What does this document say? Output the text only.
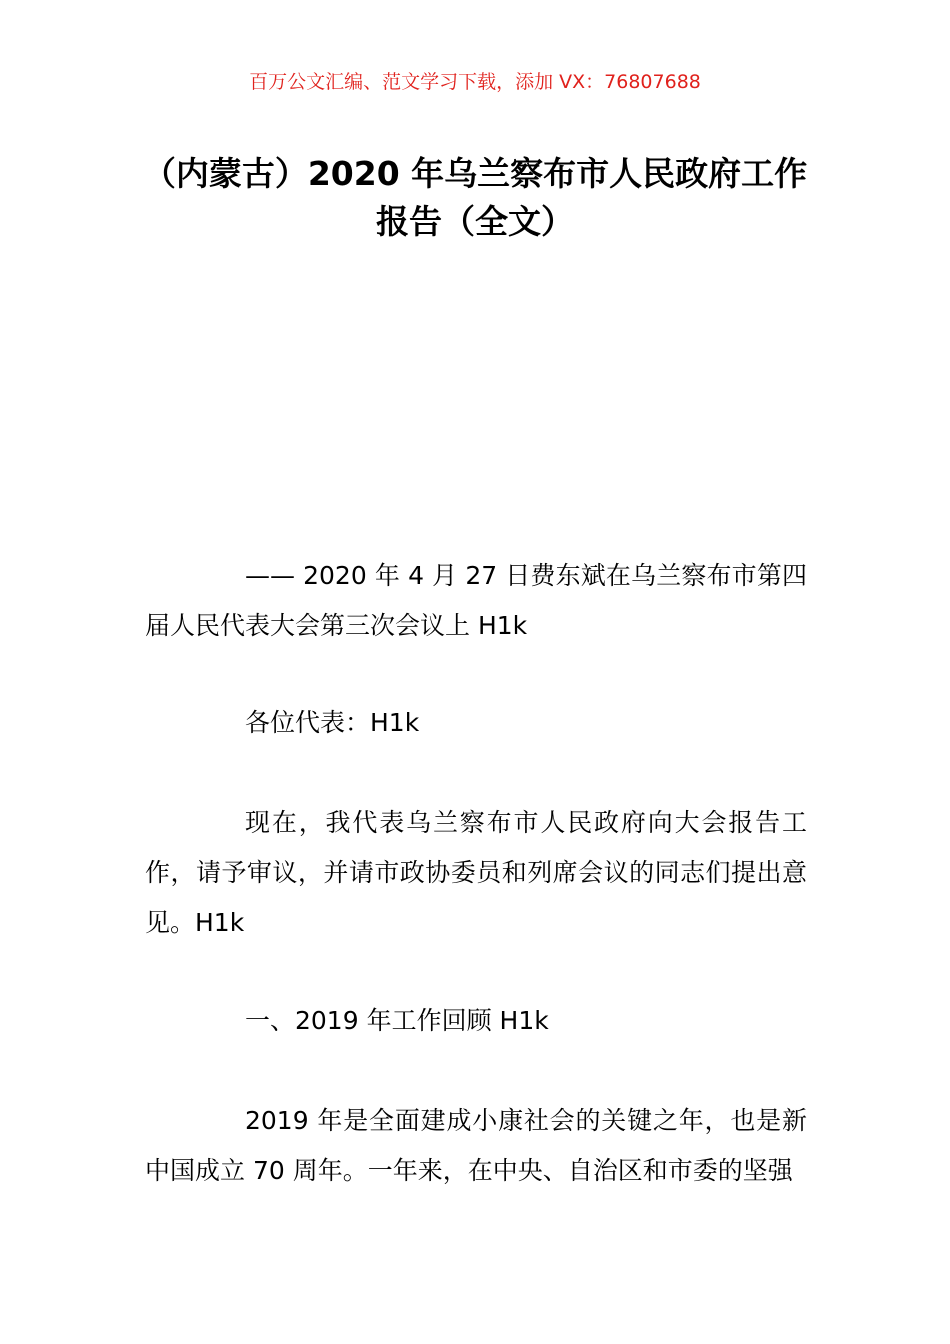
百万公文汇编、范文学习下载，添加 VX：76807688
（内蒙古）2020 年乌兰察布市人民政府工作报告（全文）

—— 2020 年 4 月 27 日费东斌在乌兰察布市第四届人民代表大会第三次会议上 H1k

各位代表：H1k

现在，我代表乌兰察布市人民政府向大会报告工作，请予审议，并请市政协委员和列席会议的同志们提出意见。H1k

一、2019 年工作回顾 H1k

2019 年是全面建成小康社会的关键之年，也是新中国成立 70 周年。一年来，在中央、自治区和市委的坚强
